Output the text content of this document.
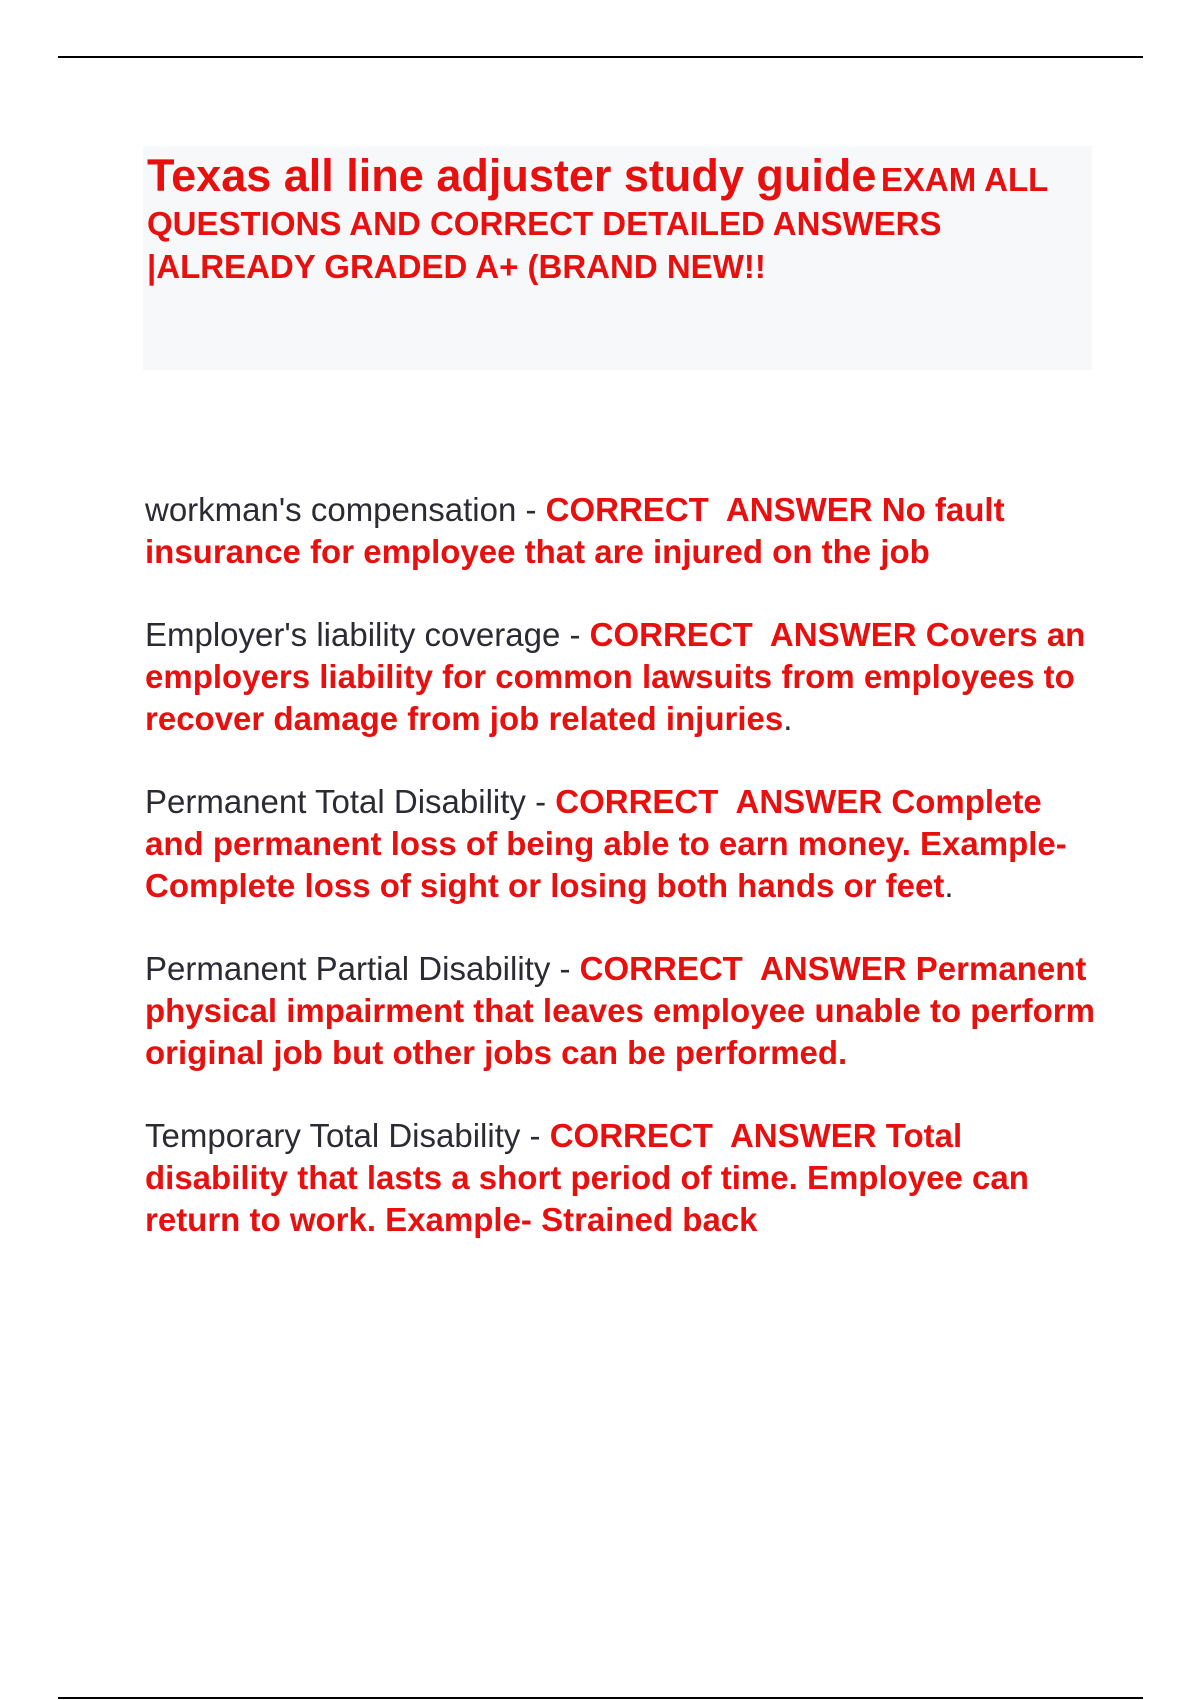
Texas all line adjuster study guide EXAM ALL QUESTIONS AND CORRECT DETAILED ANSWERS |ALREADY GRADED A+ (BRAND NEW!!

workman's compensation - CORRECT  ANSWER No fault insurance for employee that are injured on the job

Employer's liability coverage - CORRECT  ANSWER Covers an employers liability for common lawsuits from employees to recover damage from job related injuries.

Permanent Total Disability - CORRECT  ANSWER Complete and permanent loss of being able to earn money. Example- Complete loss of sight or losing both hands or feet.

Permanent Partial Disability - CORRECT  ANSWER Permanent physical impairment that leaves employee unable to perform original job but other jobs can be performed.

Temporary Total Disability - CORRECT  ANSWER Total disability that lasts a short period of time. Employee can return to work. Example- Strained back
